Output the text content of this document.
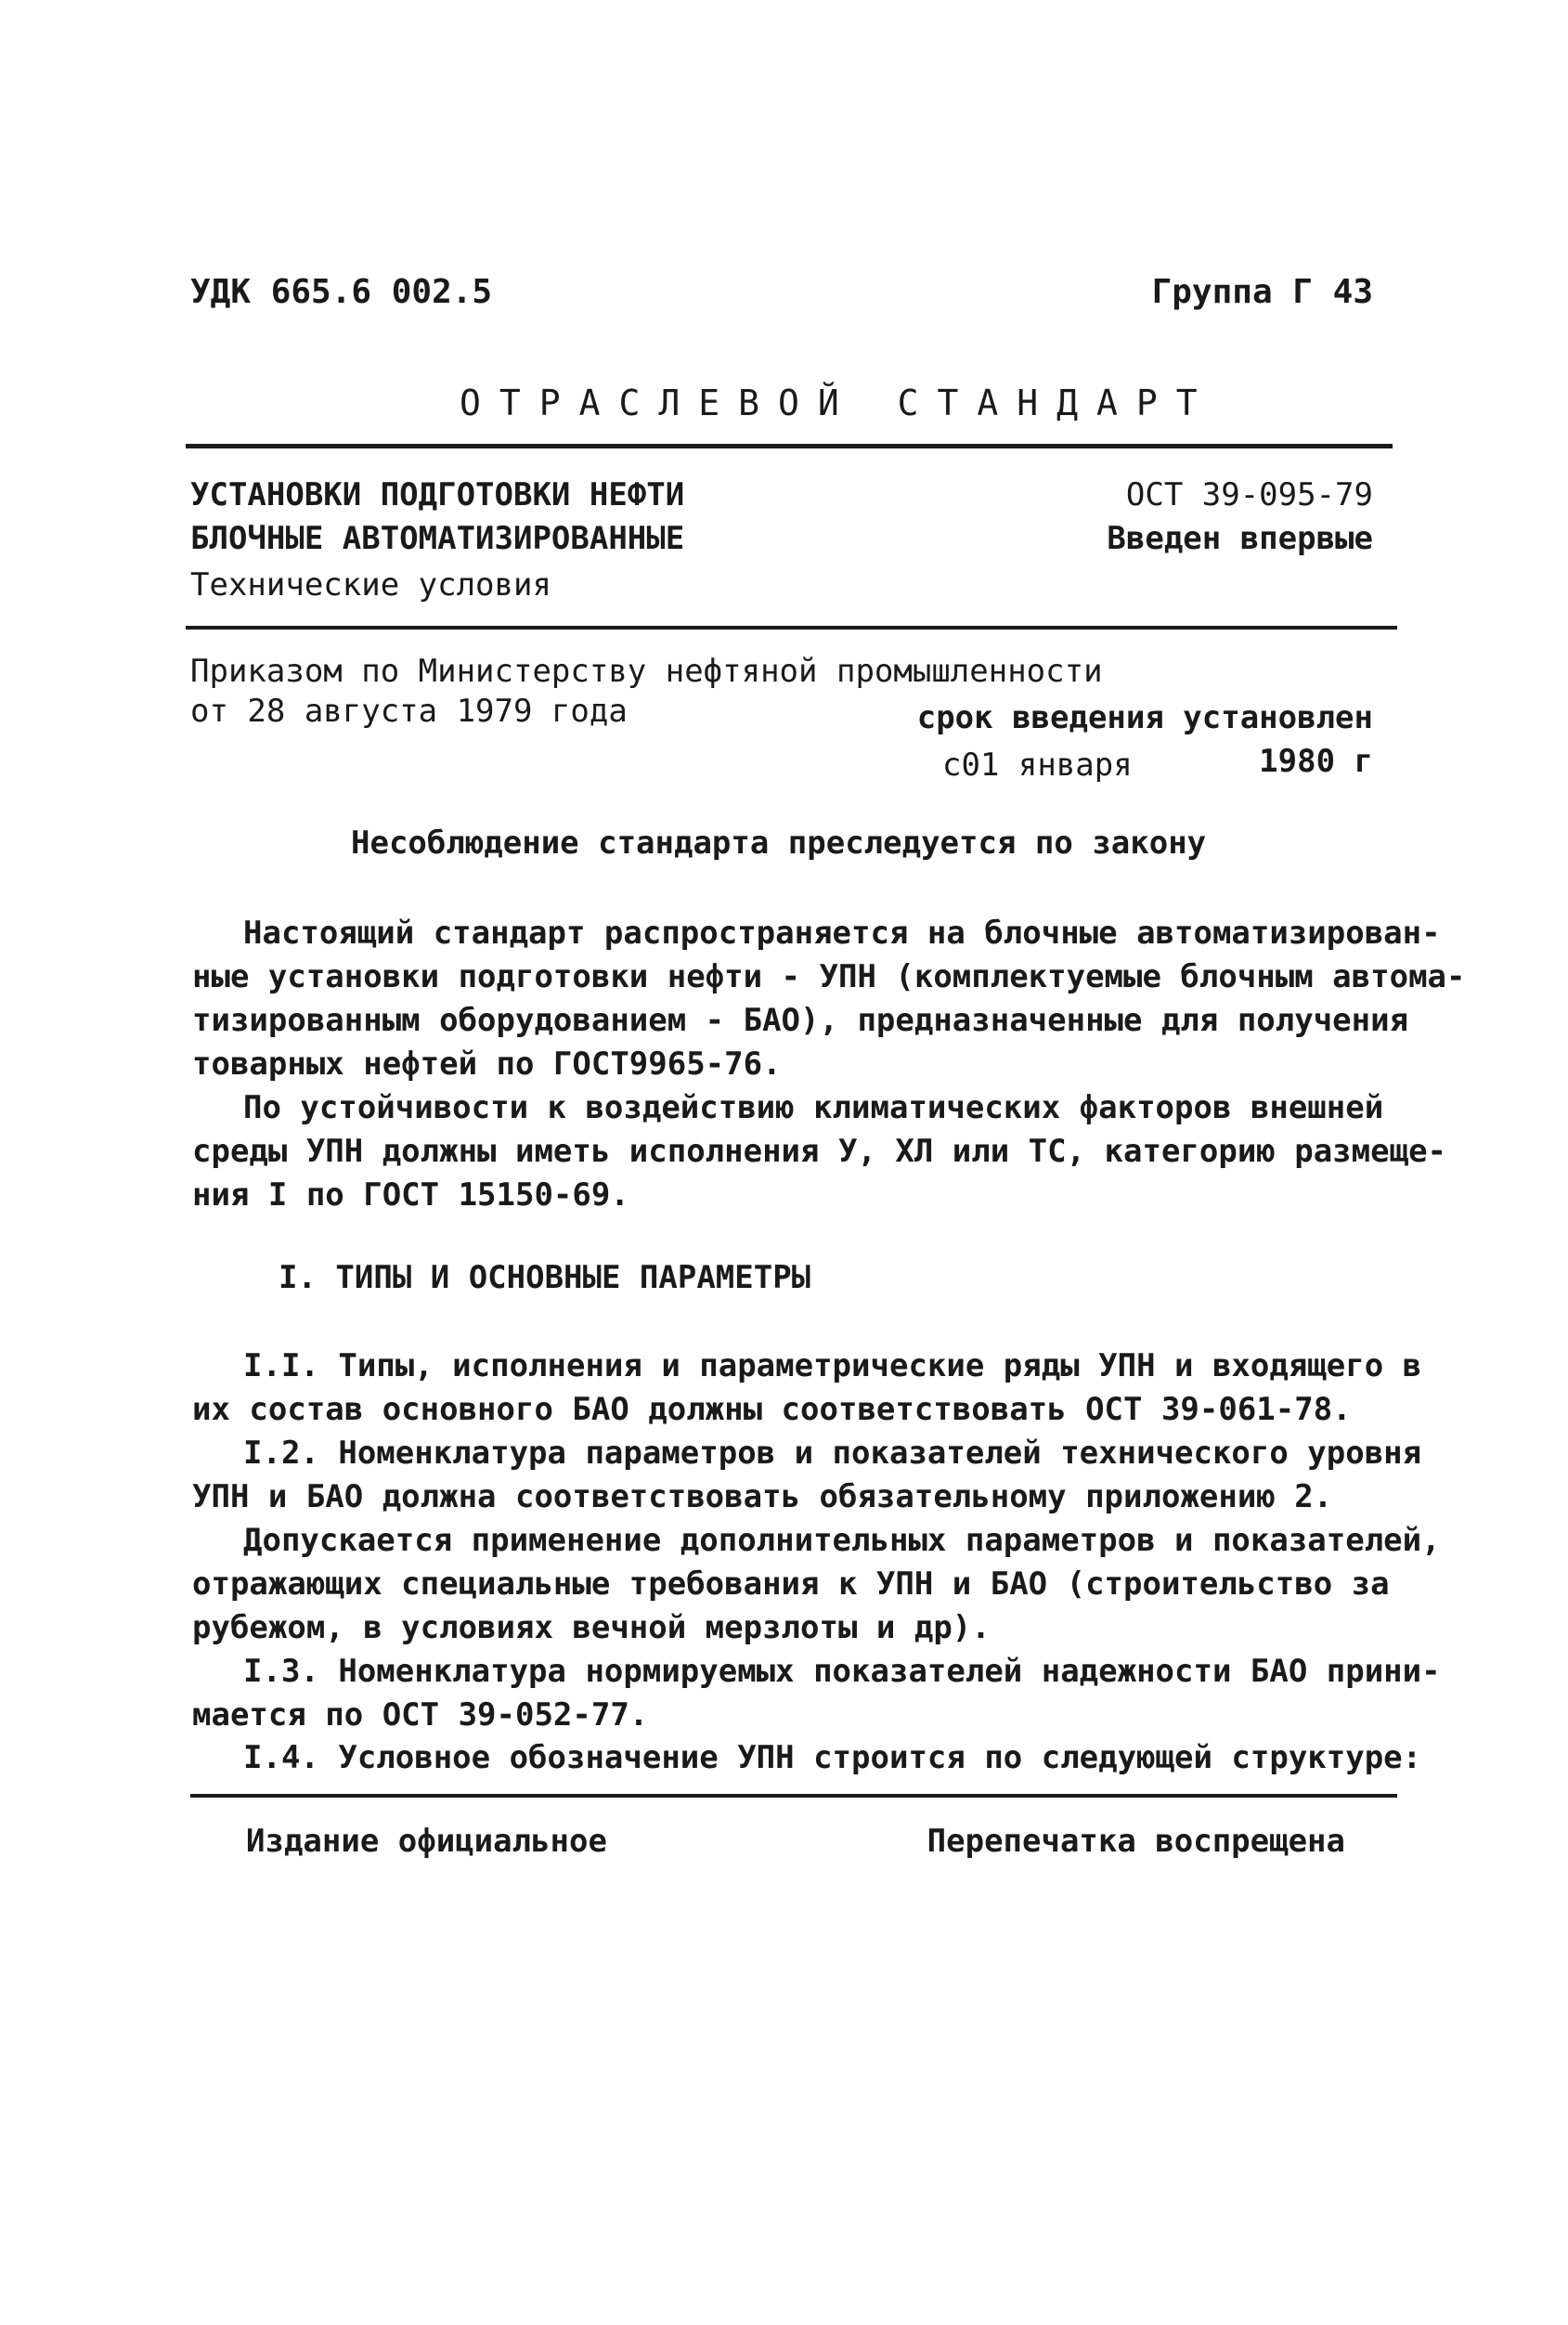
УДК 665.6 002.5	Группа Г 43
ОТРАСЛЕВОЙ СТАНДАРТ
УСТАНОВКИ ПОДГОТОВКИ НЕФТИ
БЛОЧНЫЕ АВТОМАТИЗИРОВАННЫЕ
Технические условия
ОСТ 39-095-79
Введен впервые
Приказом по Министерству нефтяной промышленности
от 28 августа 1979 года	срок введения установлен
с01 января	1980 г
Несоблюдение стандарта преследуется по закону
Настоящий стандарт распространяется на блочные автоматизирован-
ные установки подготовки нефти - УПН (комплектуемые блочным автома-
тизированным оборудованием - БАО), предназначенные для получения
товарных нефтей по ГОСТ9965-76.
По устойчивости к воздействию климатических факторов внешней
среды УПН должны иметь исполнения У, ХЛ или ТС, категорию размеще-
ния I по ГОСТ 15150-69.
I. ТИПЫ И ОСНОВНЫЕ ПАРАМЕТРЫ
I.I. Типы, исполнения и параметрические ряды УПН и входящего в
их состав основного БАО должны соответствовать ОСТ 39-061-78.
I.2. Номенклатура параметров и показателей технического уровня
УПН и БАО должна соответствовать обязательному приложению 2.
Допускается применение дополнительных параметров и показателей,
отражающих специальные требования к УПН и БАО (строительство за
рубежом, в условиях вечной мерзлоты и др).
I.3. Номенклатура нормируемых показателей надежности БАО прини-
мается по ОСТ 39-052-77.
I.4. Условное обозначение УПН строится по следующей структуре:
Издание официальное	Перепечатка воспрещена
